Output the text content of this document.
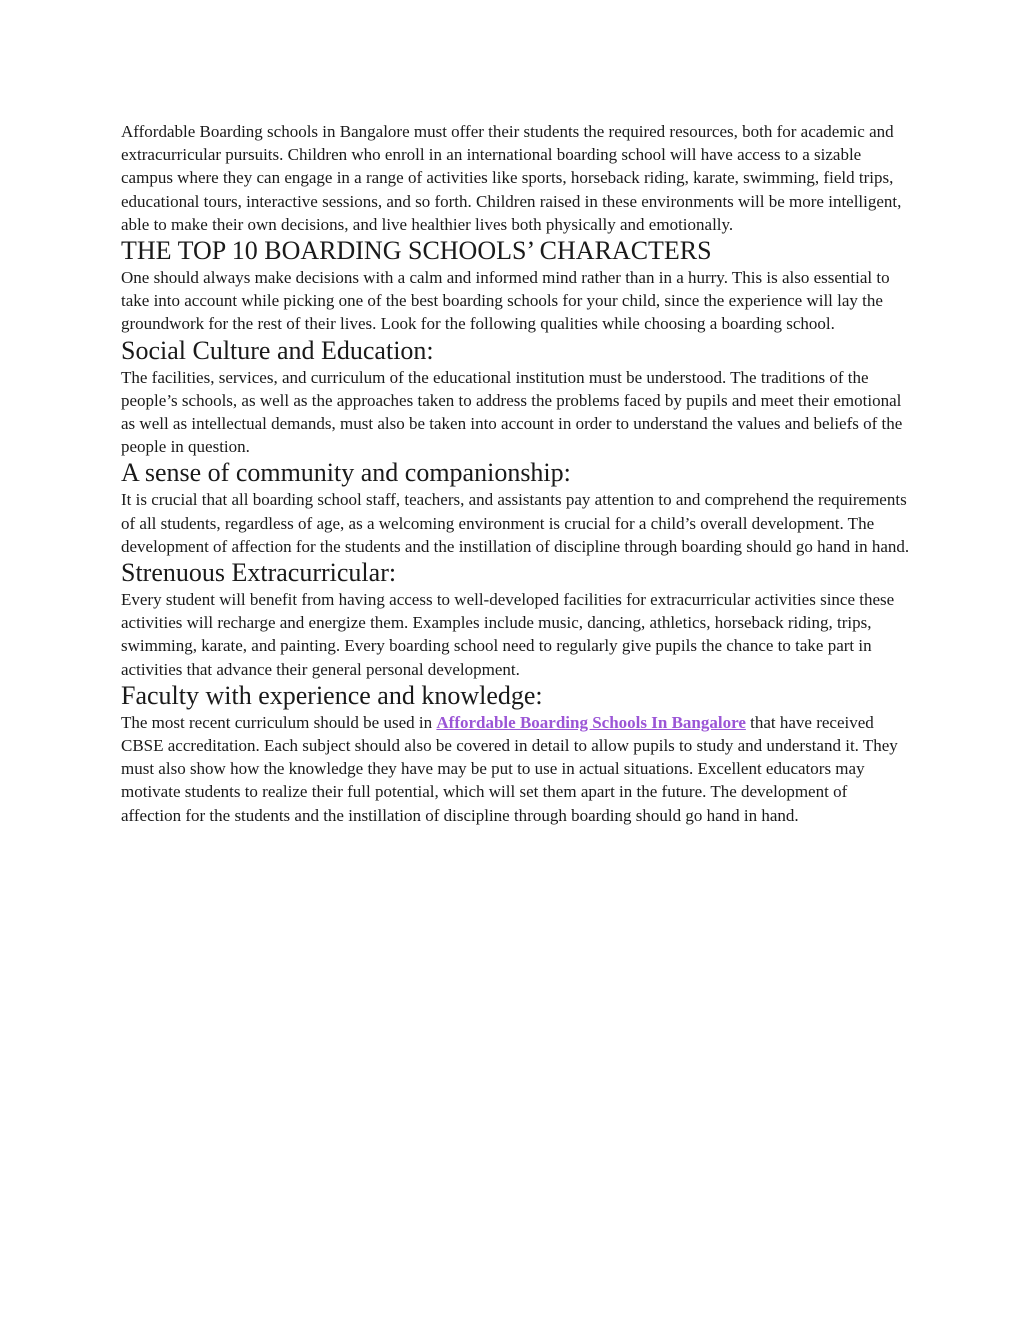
Affordable Boarding schools in Bangalore must offer their students the required resources, both for academic and extracurricular pursuits. Children who enroll in an international boarding school will have access to a sizable campus where they can engage in a range of activities like sports, horseback riding, karate, swimming, field trips, educational tours, interactive sessions, and so forth. Children raised in these environments will be more intelligent, able to make their own decisions, and live healthier lives both physically and emotionally.

THE TOP 10 BOARDING SCHOOLS’ CHARACTERS

One should always make decisions with a calm and informed mind rather than in a hurry. This is also essential to take into account while picking one of the best boarding schools for your child, since the experience will lay the groundwork for the rest of their lives. Look for the following qualities while choosing a boarding school.

Social Culture and Education:

The facilities, services, and curriculum of the educational institution must be understood. The traditions of the people’s schools, as well as the approaches taken to address the problems faced by pupils and meet their emotional as well as intellectual demands, must also be taken into account in order to understand the values and beliefs of the people in question.

A sense of community and companionship:

It is crucial that all boarding school staff, teachers, and assistants pay attention to and comprehend the requirements of all students, regardless of age, as a welcoming environment is crucial for a child’s overall development. The development of affection for the students and the instillation of discipline through boarding should go hand in hand.

Strenuous Extracurricular:

Every student will benefit from having access to well-developed facilities for extracurricular activities since these activities will recharge and energize them. Examples include music, dancing, athletics, horseback riding, trips, swimming, karate, and painting. Every boarding school need to regularly give pupils the chance to take part in activities that advance their general personal development.

Faculty with experience and knowledge:

The most recent curriculum should be used in Affordable Boarding Schools In Bangalore that have received CBSE accreditation. Each subject should also be covered in detail to allow pupils to study and understand it. They must also show how the knowledge they have may be put to use in actual situations. Excellent educators may motivate students to realize their full potential, which will set them apart in the future. The development of affection for the students and the instillation of discipline through boarding should go hand in hand.
